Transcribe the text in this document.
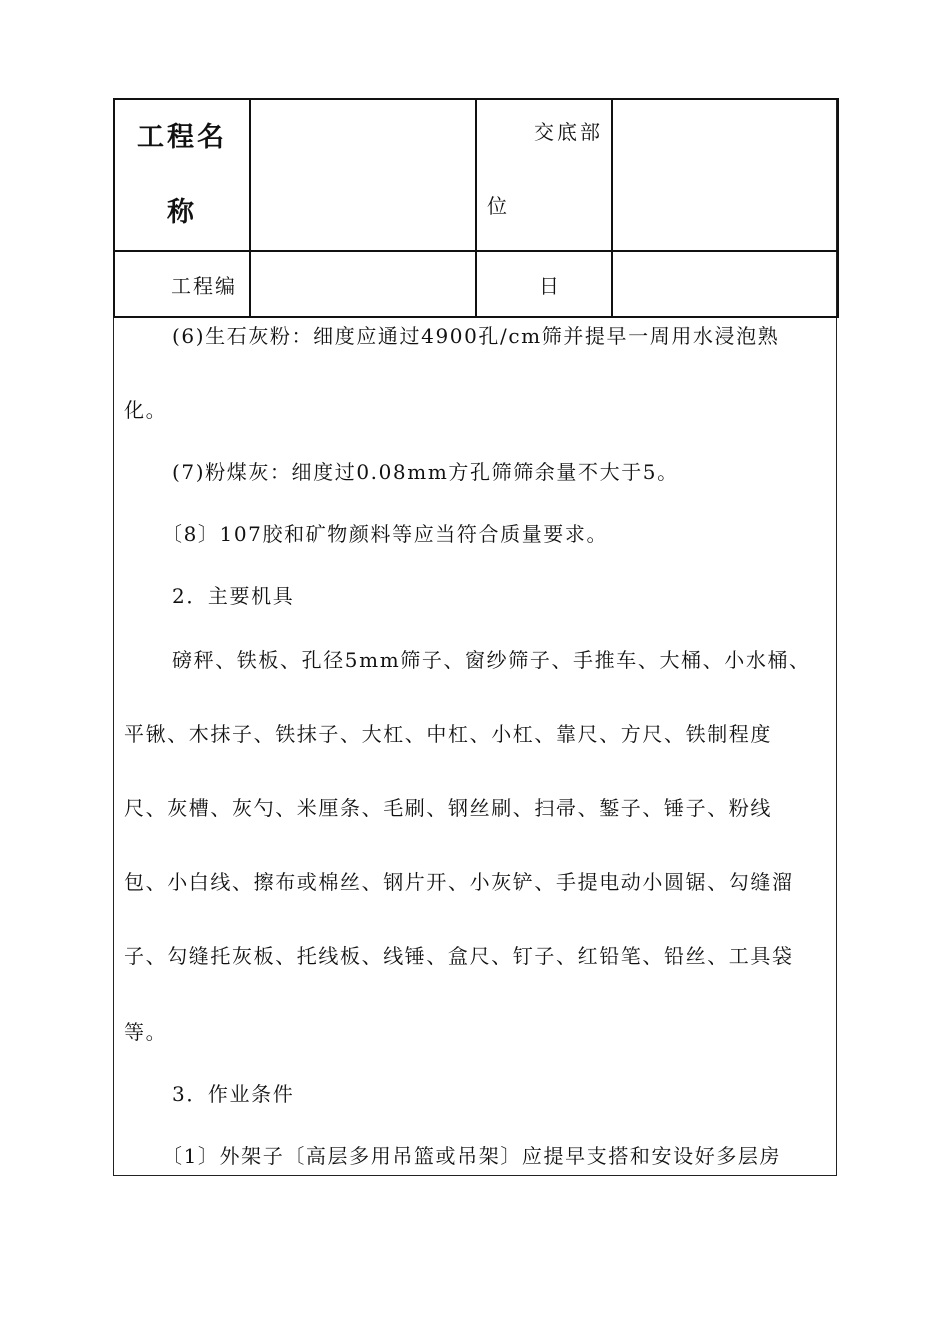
工程名
称		交底部
位	

工程编		日	

(6)生石灰粉：细度应通过4900孔/cm筛并提早一周用水浸泡熟
化。
(7)粉煤灰：细度过0.08mm方孔筛筛余量不大于5。
〔8〕107胶和矿物颜料等应当符合质量要求。
2．主要机具
磅秤、铁板、孔径5mm筛子、窗纱筛子、手推车、大桶、小水桶、
平锹、木抹子、铁抹子、大杠、中杠、小杠、靠尺、方尺、铁制程度
尺、灰槽、灰勺、米厘条、毛刷、钢丝刷、扫帚、錾子、锤子、粉线
包、小白线、擦布或棉丝、钢片开、小灰铲、手提电动小圆锯、勾缝溜
子、勾缝托灰板、托线板、线锤、盒尺、钉子、红铅笔、铅丝、工具袋
等。
3．作业条件
〔1〕外架子〔高层多用吊篮或吊架〕应提早支搭和安设好多层房
